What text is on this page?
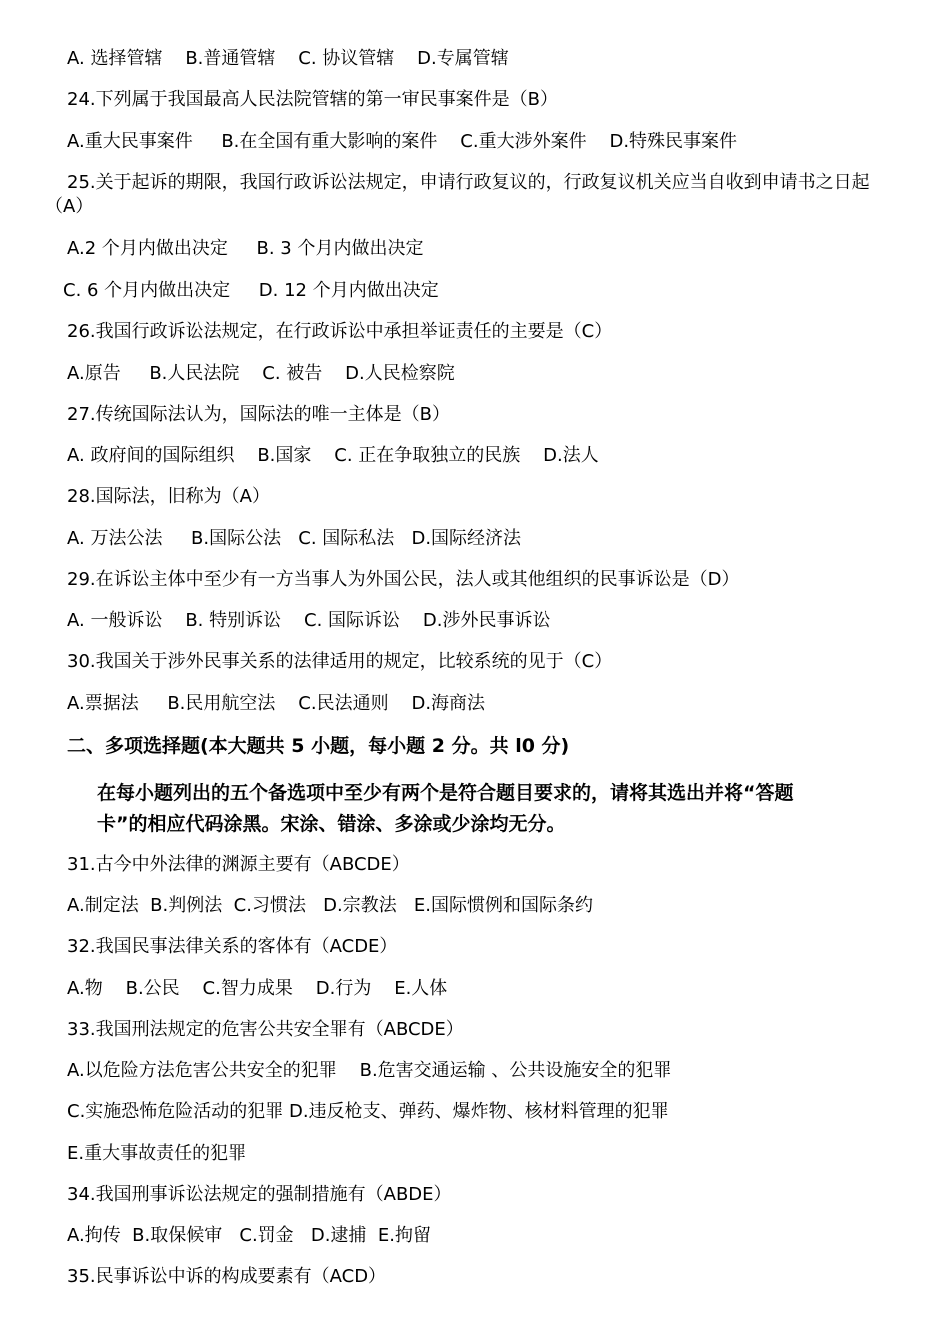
A. 选择管辖    B.普通管辖    C. 协议管辖    D.专属管辖
24.下列属于我国最高人民法院管辖的第一审民事案件是（B）
A.重大民事案件     B.在全国有重大影响的案件    C.重大涉外案件    D.特殊民事案件
25.关于起诉的期限，我国行政诉讼法规定，申请行政复议的，行政复议机关应当自收到申请书之日起（A）
A.2 个月内做出决定     B. 3 个月内做出决定
C. 6 个月内做出决定     D. 12 个月内做出决定
26.我国行政诉讼法规定，在行政诉讼中承担举证责任的主要是（C）
A.原告     B.人民法院    C. 被告    D.人民检察院
27.传统国际法认为，国际法的唯一主体是（B）
A. 政府间的国际组织    B.国家    C. 正在争取独立的民族    D.法人
28.国际法，旧称为（A）
A. 万法公法     B.国际公法   C. 国际私法   D.国际经济法
29.在诉讼主体中至少有一方当事人为外国公民，法人或其他组织的民事诉讼是（D）
A. 一般诉讼    B. 特别诉讼    C. 国际诉讼    D.涉外民事诉讼
30.我国关于涉外民事关系的法律适用的规定，比较系统的见于（C）
A.票据法     B.民用航空法    C.民法通则    D.海商法
二、多项选择题(本大题共 5 小题，每小题 2 分。共 l0 分)
在每小题列出的五个备选项中至少有两个是符合题目要求的，请将其选出并将“答题
卡”的相应代码涂黑。宋涂、错涂、多涂或少涂均无分。
31.古今中外法律的渊源主要有（ABCDE）
A.制定法  B.判例法  C.习惯法   D.宗教法   E.国际惯例和国际条约
32.我国民事法律关系的客体有（ACDE）
A.物    B.公民    C.智力成果    D.行为    E.人体
33.我国刑法规定的危害公共安全罪有（ABCDE）
A.以危险方法危害公共安全的犯罪    B.危害交通运输 、公共设施安全的犯罪
C.实施恐怖危险活动的犯罪 D.违反枪支、弹药、爆炸物、核材料管理的犯罪
E.重大事故责任的犯罪
34.我国刑事诉讼法规定的强制措施有（ABDE）
A.拘传  B.取保候审   C.罚金   D.逮捕  E.拘留
35.民事诉讼中诉的构成要素有（ACD）
